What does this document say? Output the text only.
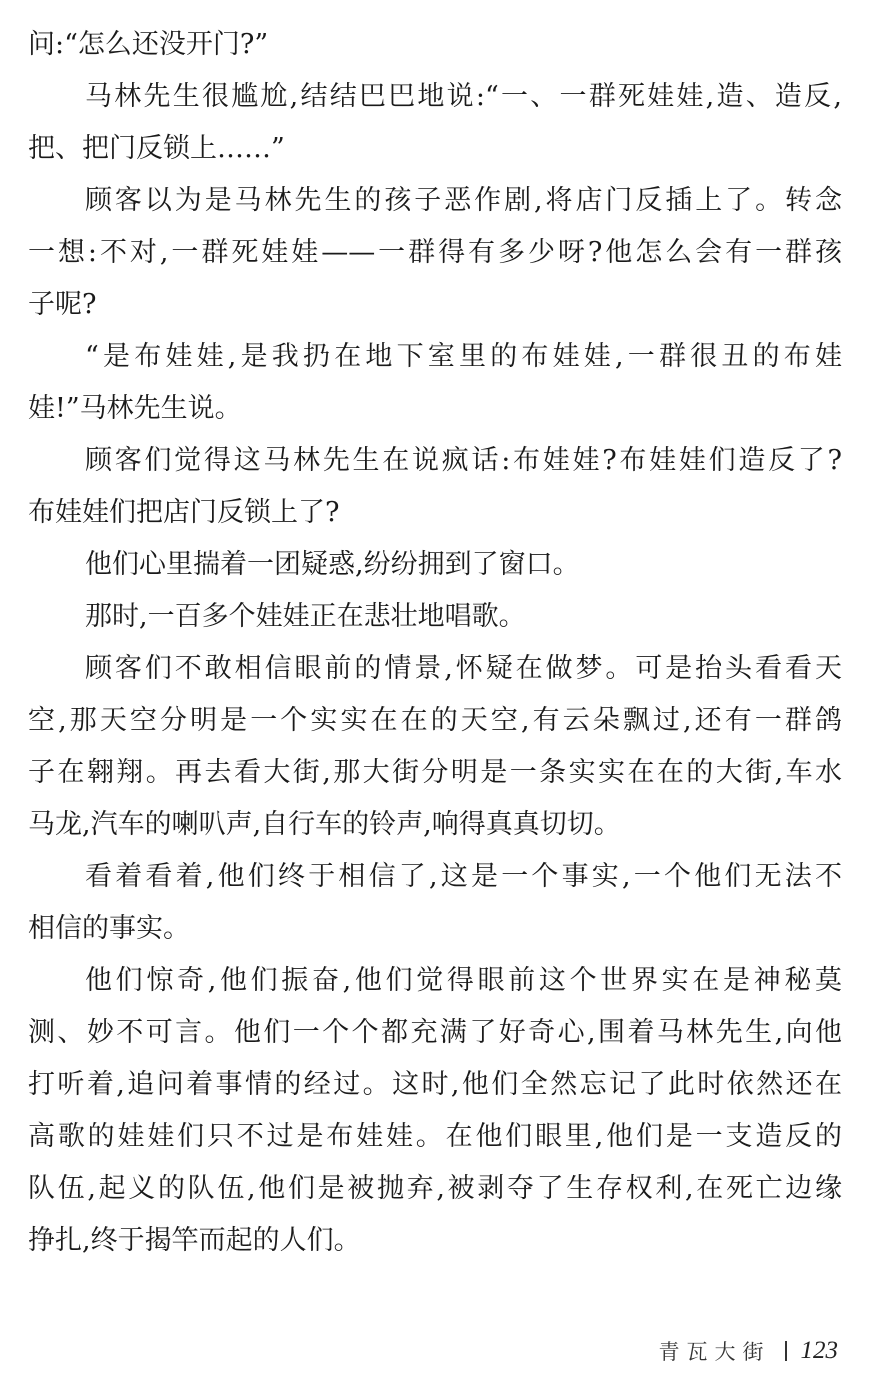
问:“怎么还没开门?”
马林先生很尴尬,结结巴巴地说:“一、一群死娃娃,造、造反,
把、把门反锁上……”
顾客以为是马林先生的孩子恶作剧,将店门反插上了。转念
一想:不对,一群死娃娃——一群得有多少呀?他怎么会有一群孩
子呢?
“是布娃娃,是我扔在地下室里的布娃娃,一群很丑的布娃
娃!”马林先生说。
顾客们觉得这马林先生在说疯话:布娃娃?布娃娃们造反了?
布娃娃们把店门反锁上了?
他们心里揣着一团疑惑,纷纷拥到了窗口。
那时,一百多个娃娃正在悲壮地唱歌。
顾客们不敢相信眼前的情景,怀疑在做梦。可是抬头看看天
空,那天空分明是一个实实在在的天空,有云朵飘过,还有一群鸽
子在翱翔。再去看大街,那大街分明是一条实实在在的大街,车水
马龙,汽车的喇叭声,自行车的铃声,响得真真切切。
看着看着,他们终于相信了,这是一个事实,一个他们无法不
相信的事实。
他们惊奇,他们振奋,他们觉得眼前这个世界实在是神秘莫
测、妙不可言。他们一个个都充满了好奇心,围着马林先生,向他
打听着,追问着事情的经过。这时,他们全然忘记了此时依然还在
高歌的娃娃们只不过是布娃娃。在他们眼里,他们是一支造反的
队伍,起义的队伍,他们是被抛弃,被剥夺了生存权利,在死亡边缘
挣扎,终于揭竿而起的人们。
青瓦大街 123
